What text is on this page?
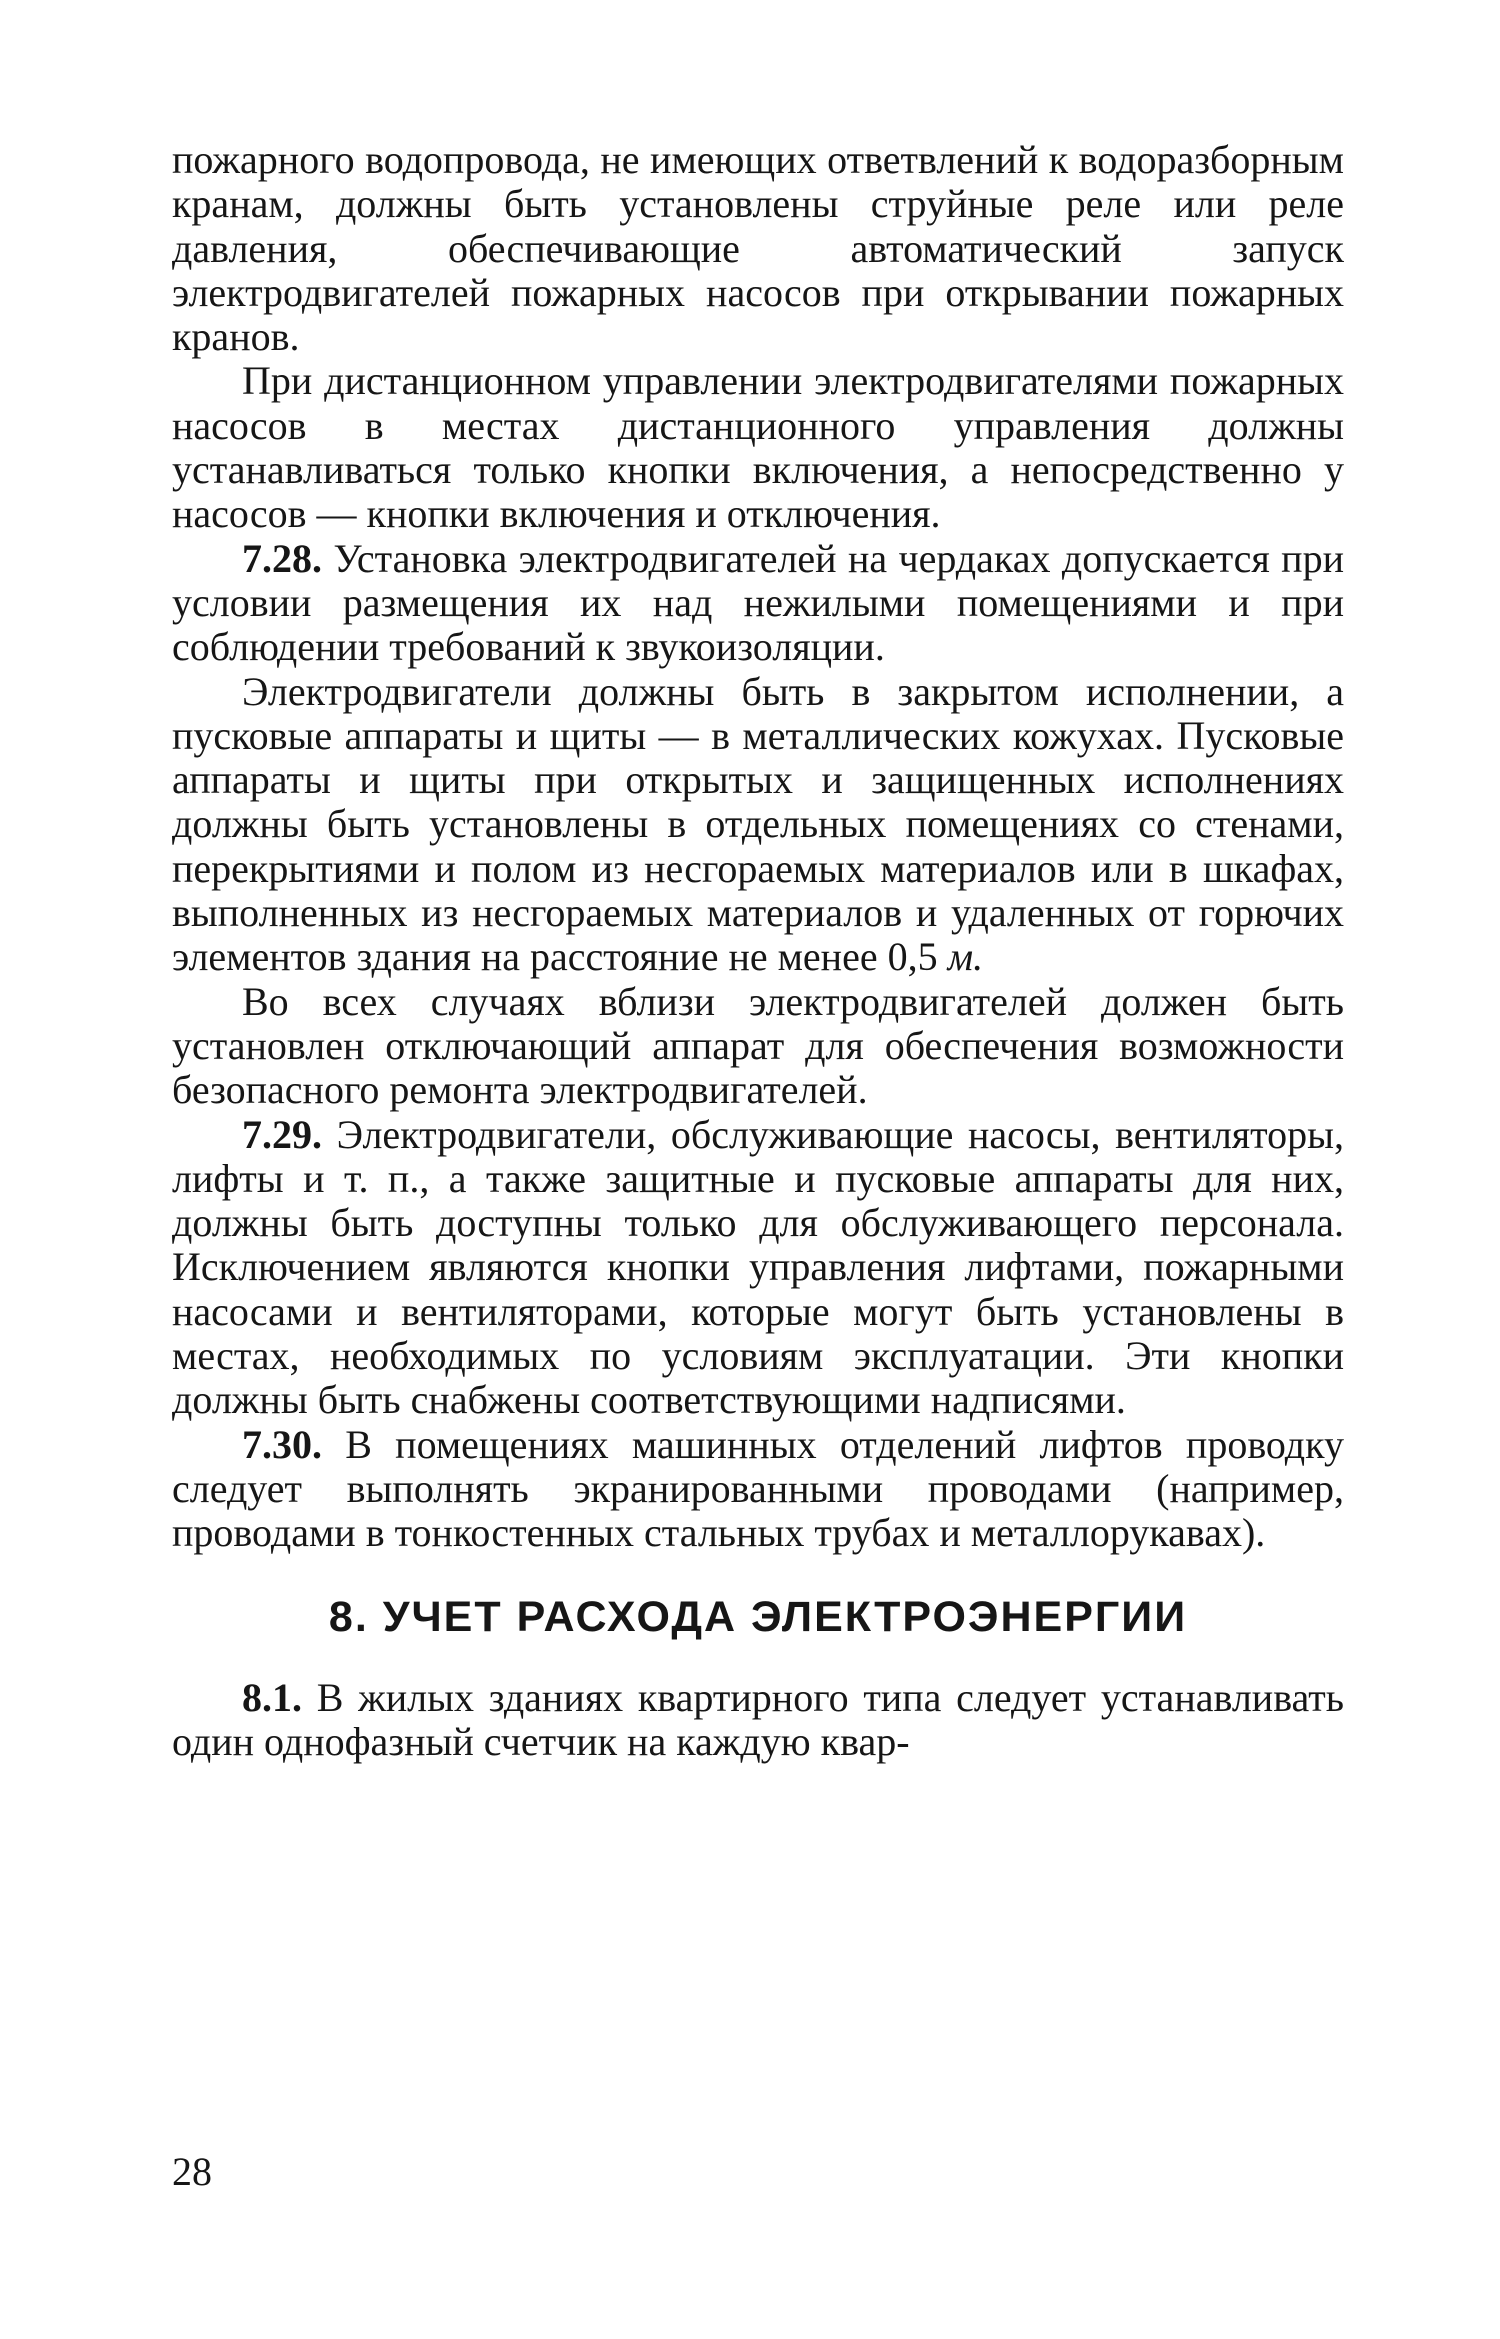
пожарного водопровода, не имеющих ответвлений к водоразборным кранам, должны быть установлены струйные реле или реле давления, обеспечивающие автоматический запуск электродвигателей пожарных насосов при открывании пожарных кранов.

При дистанционном управлении электродвигателями пожарных насосов в местах дистанционного управления должны устанавливаться только кнопки включения, а непосредственно у насосов — кнопки включения и отключения.

7.28. Установка электродвигателей на чердаках допускается при условии размещения их над нежилыми помещениями и при соблюдении требований к звукоизоляции.

Электродвигатели должны быть в закрытом исполнении, а пусковые аппараты и щиты — в металлических кожухах. Пусковые аппараты и щиты при открытых и защищенных исполнениях должны быть установлены в отдельных помещениях со стенами, перекрытиями и полом из несгораемых материалов или в шкафах, выполненных из несгораемых материалов и удаленных от горючих элементов здания на расстояние не менее 0,5 м.

Во всех случаях вблизи электродвигателей должен быть установлен отключающий аппарат для обеспечения возможности безопасного ремонта электродвигателей.

7.29. Электродвигатели, обслуживающие насосы, вентиляторы, лифты и т. п., а также защитные и пусковые аппараты для них, должны быть доступны только для обслуживающего персонала. Исключением являются кнопки управления лифтами, пожарными насосами и вентиляторами, которые могут быть установлены в местах, необходимых по условиям эксплуатации. Эти кнопки должны быть снабжены соответствующими надписями.

7.30. В помещениях машинных отделений лифтов проводку следует выполнять экранированными проводами (например, проводами в тонкостенных стальных трубах и металлорукавах).

8. УЧЕТ РАСХОДА ЭЛЕКТРОЭНЕРГИИ

8.1. В жилых зданиях квартирного типа следует устанавливать один однофазный счетчик на каждую квар-

28
